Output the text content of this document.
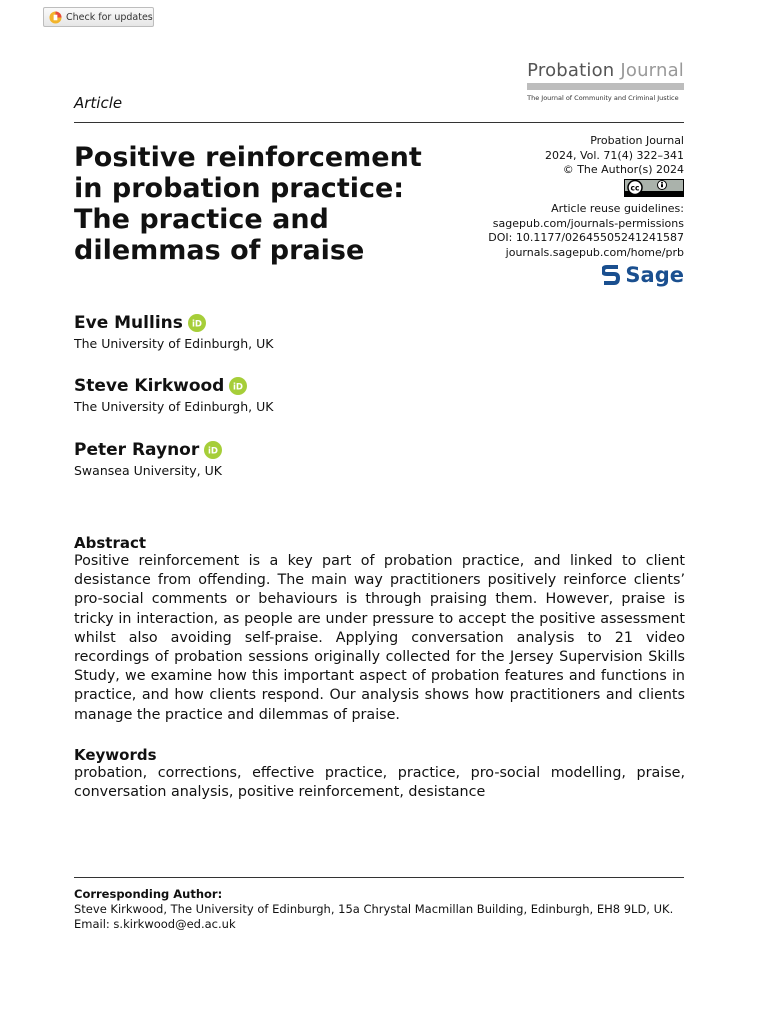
Check for updates
Probation Journal
The Journal of Community and Criminal Justice
Article
Positive reinforcement
in probation practice:
The practice and
dilemmas of praise
Probation Journal
2024, Vol. 71(4) 322–341
© The Author(s) 2024
cc
Article reuse guidelines:
sagepub.com/journals-permissions
DOI: 10.1177/02645505241241587
journals.sagepub.com/home/prb
Sage
Eve Mullins iD
The University of Edinburgh, UK
Steve Kirkwood iD
The University of Edinburgh, UK
Peter Raynor iD
Swansea University, UK
Abstract

Positive reinforcement is a key part of probation practice, and linked to client desistance from offending. The main way practitioners positively reinforce clients’ pro-social comments or behaviours is through praising them. However, praise is tricky in interaction, as people are under pressure to accept the positive assessment whilst also avoiding self-praise. Applying conversation analysis to 21 video recordings of probation sessions originally collected for the Jersey Supervision Skills Study, we examine how this important aspect of probation features and functions in practice, and how clients respond. Our analysis shows how practitioners and clients manage the practice and dilemmas of praise.

Keywords

probation, corrections, effective practice, practice, pro-social modelling, praise, conversation analysis, positive reinforcement, desistance

Corresponding Author:
Steve Kirkwood, The University of Edinburgh, 15a Chrystal Macmillan Building, Edinburgh, EH8 9LD, UK.
Email: s.kirkwood@ed.ac.uk
